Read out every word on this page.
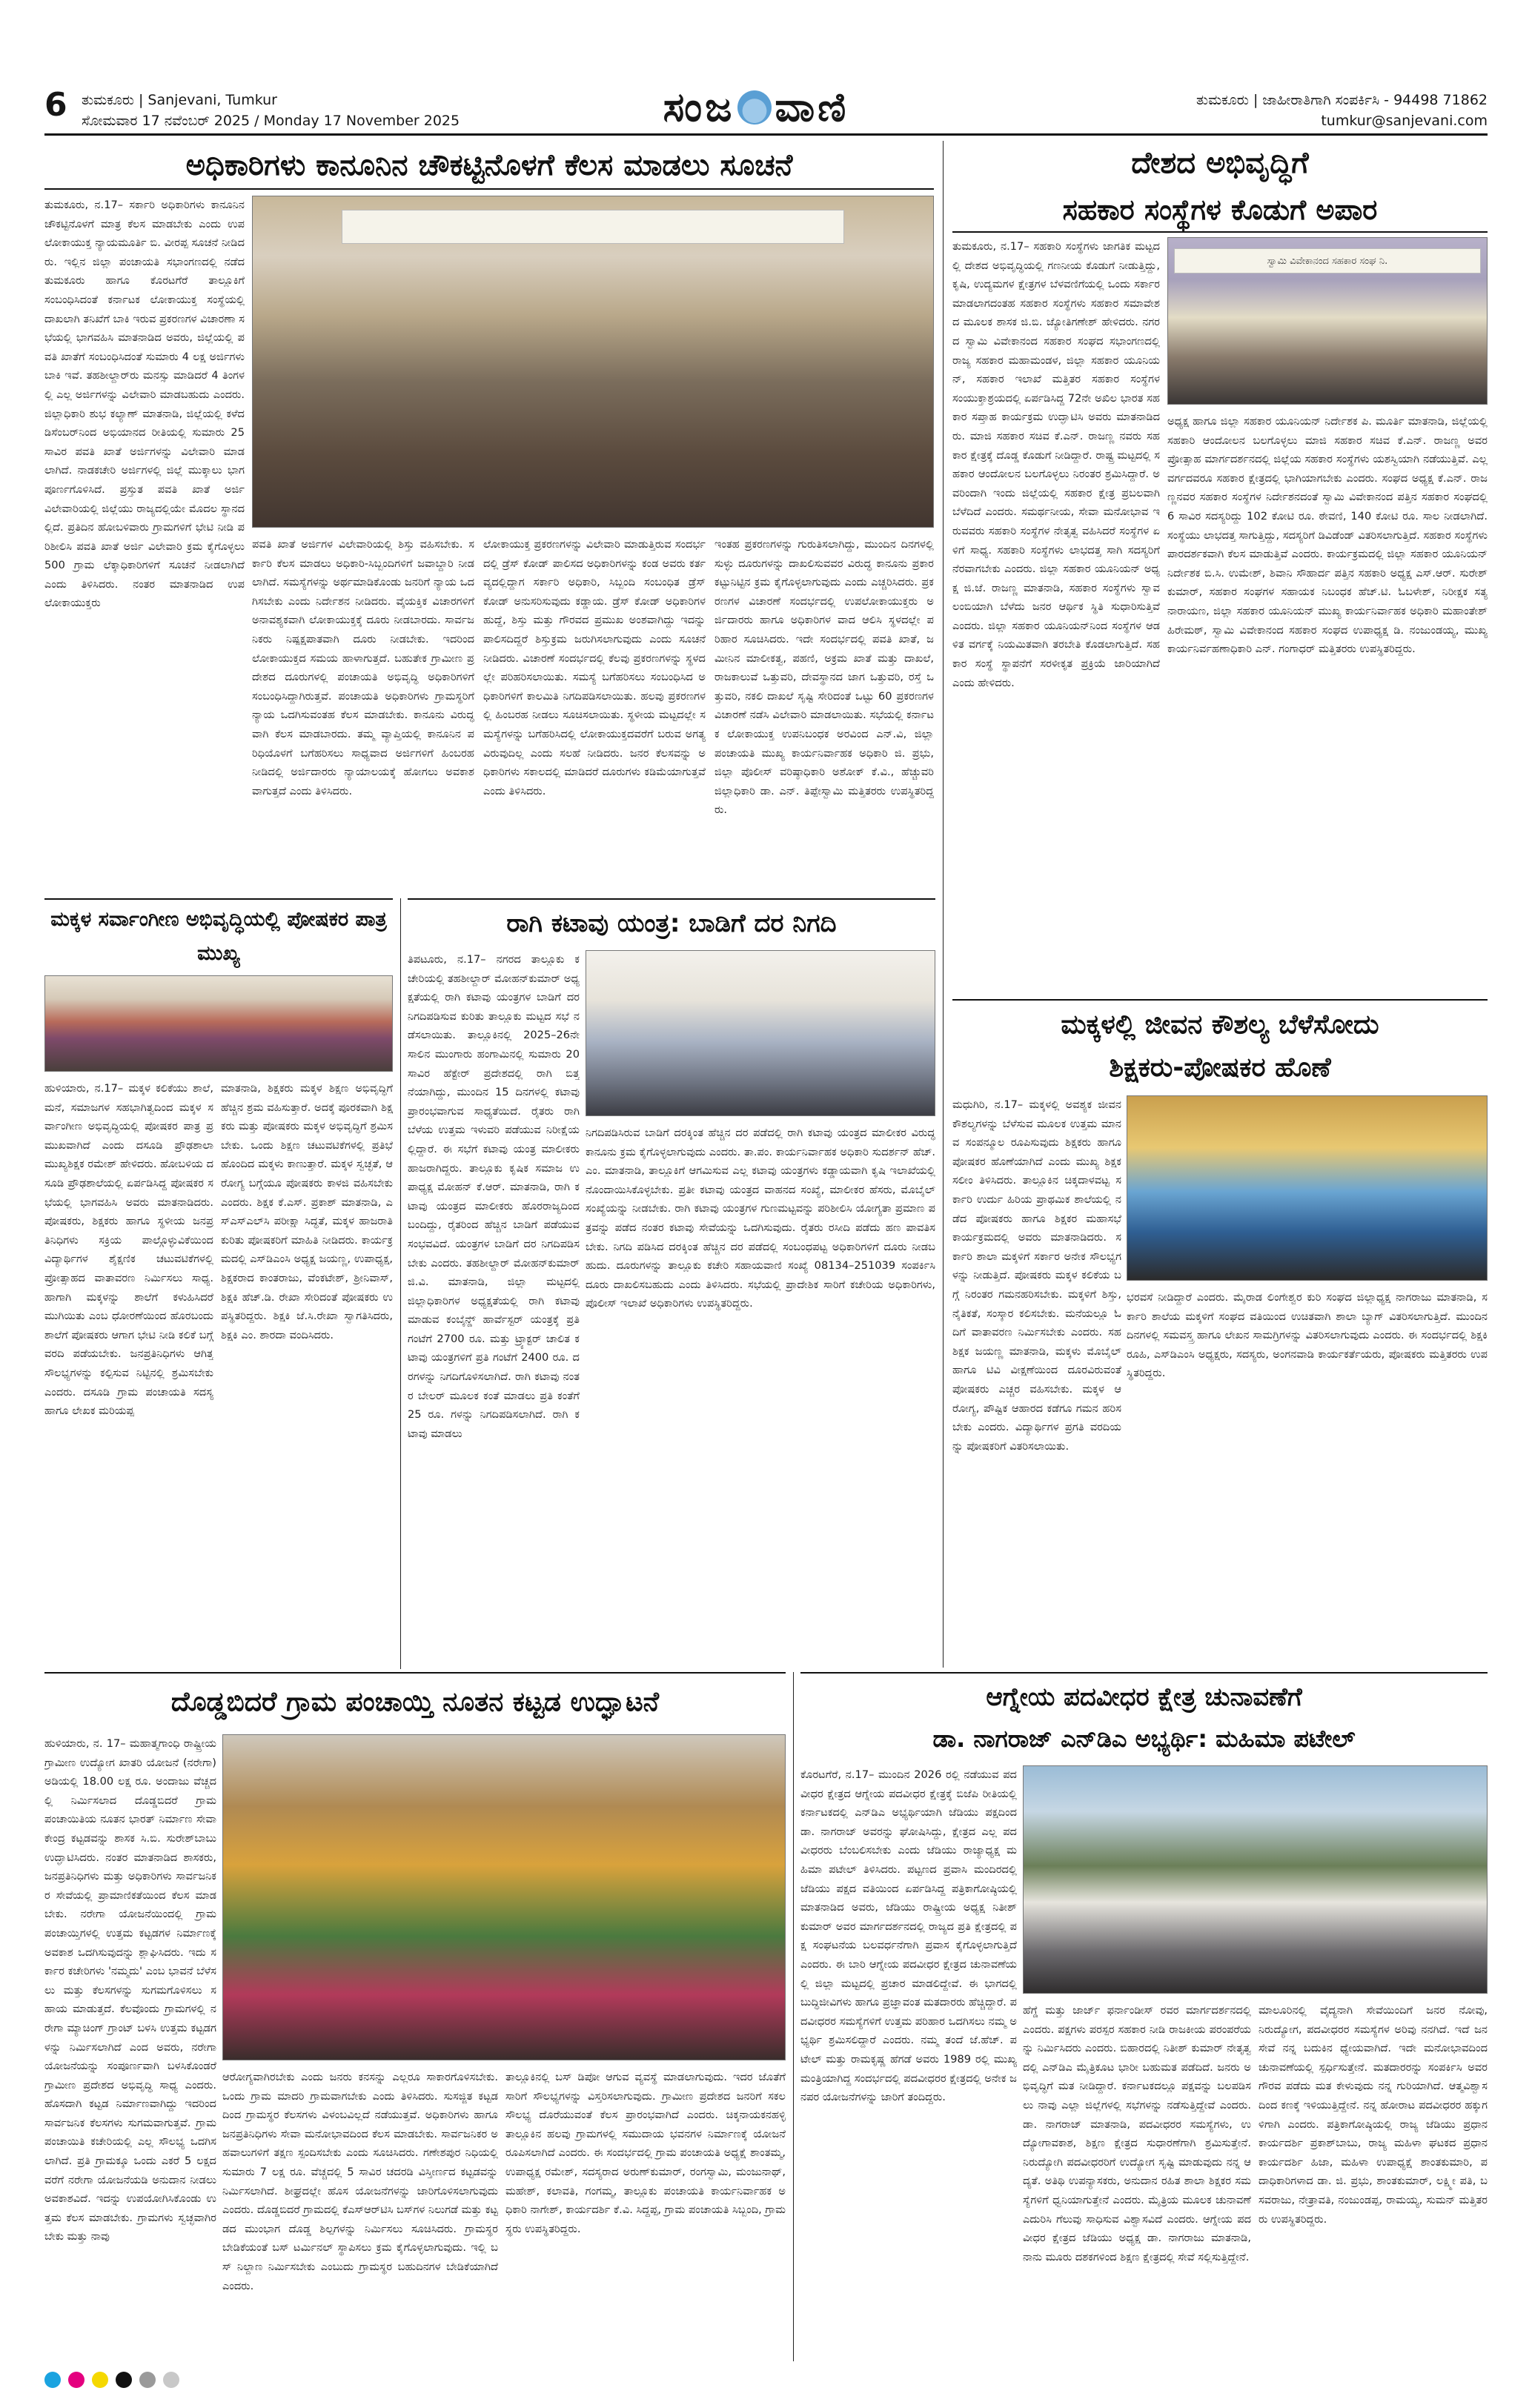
6 ತುಮಕೂರು | Sanjevani, Tumkur
ಸೋಮವಾರ 17 ನವೆಂಬರ್ 2025 / Monday 17 November 2025	ಸಂಜ ವಾಣಿ	ತುಮಕೂರು | ಜಾಹೀರಾತಿಗಾಗಿ ಸಂಪರ್ಕಿಸಿ - 94498 71862
tumkur@sanjevani.com
ಅಧಿಕಾರಿಗಳು ಕಾನೂನಿನ ಚೌಕಟ್ಟಿನೊಳಗೆ ಕೆಲಸ ಮಾಡಲು ಸೂಚನೆ
ತುಮಕೂರು, ನ.17– ಸರ್ಕಾರಿ ಅಧಿಕಾರಿಗಳು ಕಾನೂನಿನ ಚೌಕಟ್ಟಿನೊಳಗೆ ಮಾತ್ರ ಕೆಲಸ ಮಾಡಬೇಕು ಎಂದು ಉಪಲೋಕಾಯುಕ್ತ ನ್ಯಾಯಮೂರ್ತಿ ಬಿ. ವೀರಪ್ಪ ಸೂಚನೆ ನೀಡಿದರು. ಇಲ್ಲಿನ ಜಿಲ್ಲಾ ಪಂಚಾಯತಿ ಸಭಾಂಗಣದಲ್ಲಿ ನಡೆದ ತುಮಕೂರು ಹಾಗೂ ಕೊರಟಗೆರೆ ತಾಲ್ಲೂಕಿಗೆ ಸಂಬಂಧಿಸಿದಂತೆ ಕರ್ನಾಟಕ ಲೋಕಾಯುಕ್ತ ಸಂಸ್ಥೆಯಲ್ಲಿ ದಾಖಲಾಗಿ ತನಿಖೆಗೆ ಬಾಕಿ ಇರುವ ಪ್ರಕರಣಗಳ ವಿಚಾರಣಾ ಸಭೆಯಲ್ಲಿ ಭಾಗವಹಿಸಿ ಮಾತನಾಡಿದ ಅವರು, ಜಿಲ್ಲೆಯಲ್ಲಿ ಪವತಿ ಖಾತೆಗೆ ಸಂಬಂಧಿಸಿದಂತೆ ಸುಮಾರು 4 ಲಕ್ಷ ಅರ್ಜಿಗಳು ಬಾಕಿ ಇವೆ. ತಹಶೀಲ್ದಾರ್‌ರು ಮನಸ್ಸು ಮಾಡಿದರೆ 4 ತಿಂಗಳಲ್ಲಿ ಎಲ್ಲ ಅರ್ಜಿಗಳನ್ನು ವಿಲೇವಾರಿ ಮಾಡಬಹುದು ಎಂದರು. ಜಿಲ್ಲಾಧಿಕಾರಿ ಶುಭ ಕಲ್ಯಾಣ್ ಮಾತನಾಡಿ, ಜಿಲ್ಲೆಯಲ್ಲಿ ಕಳೆದ ಡಿಸೆಂಬರ್‌ನಿಂದ ಅಭಿಯಾನದ ರೀತಿಯಲ್ಲಿ ಸುಮಾರು 25 ಸಾವಿರ ಪವತಿ ಖಾತೆ ಅರ್ಜಿಗಳನ್ನು ವಿಲೇವಾರಿ ಮಾಡಲಾಗಿದೆ. ನಾಡಕಚೇರಿ ಅರ್ಜಿಗಳಲ್ಲಿ ಜಿಲ್ಲೆ ಮುಕ್ಕಾಲು ಭಾಗ ಪೂರ್ಣಗೊಳಿಸಿದೆ. ಪ್ರಸ್ತುತ ಪವತಿ ಖಾತೆ ಅರ್ಜಿ ವಿಲೇವಾರಿಯಲ್ಲಿ ಜಿಲ್ಲೆಯು ರಾಜ್ಯದಲ್ಲಿಯೇ ಮೊದಲ ಸ್ಥಾನದಲ್ಲಿದೆ. ಪ್ರತಿದಿನ ಹೋಬಳಿವಾರು ಗ್ರಾಮಗಳಿಗೆ ಭೇಟಿ ನೀಡಿ ಪರಿಶೀಲಿಸಿ ಪವತಿ ಖಾತೆ ಅರ್ಜಿ ವಿಲೇವಾರಿ ಕ್ರಮ ಕೈಗೊಳ್ಳಲು 500 ಗ್ರಾಮ ಲೆಕ್ಕಾಧಿಕಾರಿಗಳಿಗೆ ಸೂಚನೆ ನೀಡಲಾಗಿದೆ ಎಂದು ತಿಳಿಸಿದರು. ನಂತರ ಮಾತನಾಡಿದ ಉಪಲೋಕಾಯುಕ್ತರು
ಪವತಿ ಖಾತೆ ಅರ್ಜಿಗಳ ವಿಲೇವಾರಿಯಲ್ಲಿ ಶಿಸ್ತು ವಹಿಸಬೇಕು. ಸರ್ಕಾರಿ ಕೆಲಸ ಮಾಡಲು ಅಧಿಕಾರಿ-ಸಿಬ್ಬಂದಿಗಳಿಗೆ ಜವಾಬ್ದಾರಿ ನೀಡಲಾಗಿದೆ. ಸಮಸ್ಯೆಗಳನ್ನು ಅರ್ಥಮಾಡಿಕೊಂಡು ಜನರಿಗೆ ನ್ಯಾಯ ಒದಗಿಸಬೇಕು ಎಂದು ನಿರ್ದೇಶನ ನೀಡಿದರು. ವೈಯಕ್ತಿಕ ವಿಚಾರಗಳಿಗೆ ಅನಾವಶ್ಯಕವಾಗಿ ಲೋಕಾಯುಕ್ತಕ್ಕೆ ದೂರು ನೀಡಬಾರದು. ಸಾರ್ವಜನಿಕರು ನಿಷ್ಪಕ್ಷಪಾತವಾಗಿ ದೂರು ನೀಡಬೇಕು. ಇದರಿಂದ ಲೋಕಾಯುಕ್ತದ ಸಮಯ ಹಾಳಾಗುತ್ತದೆ. ಬಹುತೇಕ ಗ್ರಾಮೀಣ ಪ್ರದೇಶದ ದೂರುಗಳಲ್ಲಿ ಪಂಚಾಯತಿ ಅಭಿವೃದ್ಧಿ ಅಧಿಕಾರಿಗಳಿಗೆ ಸಂಬಂಧಿಸಿದ್ದಾಗಿರುತ್ತವೆ. ಪಂಚಾಯತಿ ಅಧಿಕಾರಿಗಳು ಗ್ರಾಮಸ್ಥರಿಗೆ ನ್ಯಾಯ ಒದಗಿಸುವಂತಹ ಕೆಲಸ ಮಾಡಬೇಕು. ಕಾನೂನು ವಿರುದ್ಧವಾಗಿ ಕೆಲಸ ಮಾಡಬಾರದು. ತಮ್ಮ ವ್ಯಾಪ್ತಿಯಲ್ಲಿ ಕಾನೂನಿನ ಪರಿಧಿಯೊಳಗೆ ಬಗೆಹರಿಸಲು ಸಾಧ್ಯವಾದ ಅರ್ಜಿಗಳಿಗೆ ಹಿಂಬರಹ ನೀಡಿದಲ್ಲಿ ಅರ್ಜಿದಾರರು ನ್ಯಾಯಾಲಯಕ್ಕೆ ಹೋಗಲು ಅವಕಾಶವಾಗುತ್ತದೆ ಎಂದು ತಿಳಿಸಿದರು.
ಲೋಕಾಯುಕ್ತ ಪ್ರಕರಣಗಳನ್ನು ವಿಲೇವಾರಿ ಮಾಡುತ್ತಿರುವ ಸಂದರ್ಭದಲ್ಲಿ ಡ್ರೆಸ್ ಕೋಡ್ ಪಾಲಿಸದ ಅಧಿಕಾರಿಗಳನ್ನು ಕಂಡ ಅವರು ಕರ್ತವ್ಯದಲ್ಲಿದ್ದಾಗ ಸರ್ಕಾರಿ ಅಧಿಕಾರಿ, ಸಿಬ್ಬಂದಿ ಸಂಬಂಧಿತ ಡ್ರೆಸ್ ಕೋಡ್ ಅನುಸರಿಸುವುದು ಕಡ್ಡಾಯ. ಡ್ರೆಸ್ ಕೋಡ್ ಅಧಿಕಾರಿಗಳ ಹುದ್ದೆ, ಶಿಸ್ತು ಮತ್ತು ಗೌರವದ ಪ್ರಮುಖ ಅಂಶವಾಗಿದ್ದು ಇದನ್ನು ಪಾಲಿಸದಿದ್ದರೆ ಶಿಸ್ತುಕ್ರಮ ಜರುಗಿಸಲಾಗುವುದು ಎಂದು ಸೂಚನೆ ನೀಡಿದರು. ವಿಚಾರಣೆ ಸಂದರ್ಭದಲ್ಲಿ ಕೆಲವು ಪ್ರಕರಣಗಳನ್ನು ಸ್ಥಳದಲ್ಲೇ ಪರಿಹರಿಸಲಾಯಿತು. ಸಮಸ್ಯೆ ಬಗೆಹರಿಸಲು ಸಂಬಂಧಿಸಿದ ಅಧಿಕಾರಿಗಳಿಗೆ ಕಾಲಮಿತಿ ನಿಗದಿಪಡಿಸಲಾಯಿತು. ಹಲವು ಪ್ರಕರಣಗಳಲ್ಲಿ ಹಿಂಬರಹ ನೀಡಲು ಸೂಚಿಸಲಾಯಿತು. ಸ್ಥಳೀಯ ಮಟ್ಟದಲ್ಲೇ ಸಮಸ್ಯೆಗಳನ್ನು ಬಗೆಹರಿಸಿದಲ್ಲಿ ಲೋಕಾಯುಕ್ತದವರೆಗೆ ಬರುವ ಅಗತ್ಯವಿರುವುದಿಲ್ಲ ಎಂದು ಸಲಹೆ ನೀಡಿದರು. ಜನರ ಕೆಲಸವನ್ನು ಅಧಿಕಾರಿಗಳು ಸಕಾಲದಲ್ಲಿ ಮಾಡಿದರೆ ದೂರುಗಳು ಕಡಿಮೆಯಾಗುತ್ತವೆ ಎಂದು ತಿಳಿಸಿದರು.
ಇಂತಹ ಪ್ರಕರಣಗಳನ್ನು ಗುರುತಿಸಲಾಗಿದ್ದು, ಮುಂದಿನ ದಿನಗಳಲ್ಲಿ ಸುಳ್ಳು ದೂರುಗಳನ್ನು ದಾಖಲಿಸುವವರ ವಿರುದ್ಧ ಕಾನೂನು ಪ್ರಕಾರ ಕಟ್ಟುನಿಟ್ಟಿನ ಕ್ರಮ ಕೈಗೊಳ್ಳಲಾಗುವುದು ಎಂದು ಎಚ್ಚರಿಸಿದರು. ಪ್ರಕರಣಗಳ ವಿಚಾರಣೆ ಸಂದರ್ಭದಲ್ಲಿ ಉಪಲೋಕಾಯುಕ್ತರು ಅರ್ಜಿದಾರರು ಹಾಗೂ ಅಧಿಕಾರಿಗಳ ವಾದ ಆಲಿಸಿ ಸ್ಥಳದಲ್ಲೇ ಪರಿಹಾರ ಸೂಚಿಸಿದರು. ಇದೇ ಸಂದರ್ಭದಲ್ಲಿ ಪವತಿ ಖಾತೆ, ಜಮೀನಿನ ಮಾಲೀಕತ್ವ, ಪಹಣಿ, ಅಕ್ರಮ ಖಾತೆ ಮತ್ತು ದಾಖಲೆ, ರಾಜಕಾಲುವೆ ಒತ್ತುವರಿ, ದೇವಸ್ಥಾನದ ಜಾಗ ಒತ್ತುವರಿ, ರಸ್ತೆ ಒತ್ತುವರಿ, ನಕಲಿ ದಾಖಲೆ ಸೃಷ್ಟಿ ಸೇರಿದಂತೆ ಒಟ್ಟು 60 ಪ್ರಕರಣಗಳ ವಿಚಾರಣೆ ನಡೆಸಿ ವಿಲೇವಾರಿ ಮಾಡಲಾಯಿತು. ಸಭೆಯಲ್ಲಿ ಕರ್ನಾಟಕ ಲೋಕಾಯುಕ್ತ ಉಪನಿಬಂಧಕ ಅರವಿಂದ ಎನ್.ವಿ, ಜಿಲ್ಲಾ ಪಂಚಾಯತಿ ಮುಖ್ಯ ಕಾರ್ಯನಿರ್ವಾಹಕ ಅಧಿಕಾರಿ ಜಿ. ಪ್ರಭು, ಜಿಲ್ಲಾ ಪೊಲೀಸ್ ವರಿಷ್ಠಾಧಿಕಾರಿ ಅಶೋಕ್ ಕೆ.ವಿ., ಹೆಚ್ಚುವರಿ ಜಿಲ್ಲಾಧಿಕಾರಿ ಡಾ. ಎನ್. ತಿಪ್ಪೇಸ್ವಾಮಿ ಮತ್ತಿತರರು ಉಪಸ್ಥಿತರಿದ್ದರು.
ದೇಶದ ಅಭಿವೃದ್ಧಿಗೆ
ಸಹಕಾರ ಸಂಸ್ಥೆಗಳ ಕೊಡುಗೆ ಅಪಾರ
ಸ್ವಾಮಿ ವಿವೇಕಾನಂದ ಸಹಕಾರ ಸಂಘ ನಿ.
ತುಮಕೂರು, ನ.17– ಸಹಕಾರಿ ಸಂಸ್ಥೆಗಳು ಜಾಗತಿಕ ಮಟ್ಟದಲ್ಲಿ ದೇಶದ ಅಭಿವೃದ್ಧಿಯಲ್ಲಿ ಗಣನೀಯ ಕೊಡುಗೆ ನೀಡುತ್ತಿದ್ದು, ಕೃಷಿ, ಉದ್ಯಮಗಳ ಕ್ಷೇತ್ರಗಳ ಬೆಳವಣಿಗೆಯಲ್ಲಿ ಒಂದು ಸರ್ಕಾರ ಮಾಡಲಾಗದಂತಹ ಸಹಕಾರ ಸಂಸ್ಥೆಗಳು ಸಹಕಾರ ಸಮಾವೇಶದ ಮೂಲಕ ಶಾಸಕ ಜಿ.ಬಿ. ಜ್ಯೋತಿಗಣೇಶ್ ಹೇಳಿದರು. ನಗರದ ಸ್ವಾಮಿ ವಿವೇಕಾನಂದ ಸಹಕಾರ ಸಂಘದ ಸಭಾಂಗಣದಲ್ಲಿ ರಾಜ್ಯ ಸಹಕಾರ ಮಹಾಮಂಡಳ, ಜಿಲ್ಲಾ ಸಹಕಾರ ಯೂನಿಯನ್, ಸಹಕಾರ ಇಲಾಖೆ ಮತ್ತಿತರ ಸಹಕಾರ ಸಂಸ್ಥೆಗಳ ಸಂಯುಕ್ತಾಶ್ರಯದಲ್ಲಿ ಏರ್ಪಡಿಸಿದ್ದ 72ನೇ ಅಖಿಲ ಭಾರತ ಸಹಕಾರ ಸಪ್ತಾಹ ಕಾರ್ಯಕ್ರಮ ಉದ್ಘಾಟಿಸಿ ಅವರು ಮಾತನಾಡಿದರು. ಮಾಜಿ ಸಹಕಾರ ಸಚಿವ ಕೆ.ಎನ್. ರಾಜಣ್ಣ ನವರು ಸಹಕಾರ ಕ್ಷೇತ್ರಕ್ಕೆ ದೊಡ್ಡ ಕೊಡುಗೆ ನೀಡಿದ್ದಾರೆ. ರಾಷ್ಟ್ರ ಮಟ್ಟದಲ್ಲಿ ಸಹಕಾರ ಆಂದೋಲನ ಬಲಗೊಳ್ಳಲು ನಿರಂತರ ಶ್ರಮಿಸಿದ್ದಾರೆ. ಅವರಿಂದಾಗಿ ಇಂದು ಜಿಲ್ಲೆಯಲ್ಲಿ ಸಹಕಾರ ಕ್ಷೇತ್ರ ಪ್ರಬಲವಾಗಿ ಬೆಳೆದಿದೆ ಎಂದರು. ಸಮರ್ಥನೀಯ, ಸೇವಾ ಮನೋಭಾವ ಇರುವವರು ಸಹಕಾರಿ ಸಂಸ್ಥೆಗಳ ನೇತೃತ್ವ ವಹಿಸಿದರೆ ಸಂಸ್ಥೆಗಳ ಏಳಿಗೆ ಸಾಧ್ಯ. ಸಹಕಾರಿ ಸಂಸ್ಥೆಗಳು ಲಾಭದತ್ತ ಸಾಗಿ ಸದಸ್ಯರಿಗೆ ನೆರವಾಗಬೇಕು ಎಂದರು. ಜಿಲ್ಲಾ ಸಹಕಾರ ಯೂನಿಯನ್ ಅಧ್ಯಕ್ಷ ಜಿ.ಜೆ. ರಾಜಣ್ಣ ಮಾತನಾಡಿ, ಸಹಕಾರ ಸಂಸ್ಥೆಗಳು ಸ್ವಾವಲಂಬಿಯಾಗಿ ಬೆಳೆದು ಜನರ ಆರ್ಥಿಕ ಸ್ಥಿತಿ ಸುಧಾರಿಸುತ್ತಿವೆ ಎಂದರು. ಜಿಲ್ಲಾ ಸಹಕಾರ ಯೂನಿಯನ್‌ನಿಂದ ಸಂಸ್ಥೆಗಳ ಆಡಳಿತ ವರ್ಗಕ್ಕೆ ನಿಯಮಿತವಾಗಿ ತರಬೇತಿ ಕೊಡಲಾಗುತ್ತಿದೆ. ಸಹಕಾರ ಸಂಸ್ಥೆ ಸ್ಥಾಪನೆಗೆ ಸರಳೀಕೃತ ಪ್ರಕ್ರಿಯೆ ಜಾರಿಯಾಗಿದೆ ಎಂದು ಹೇಳಿದರು.
ಅಧ್ಯಕ್ಷ ಹಾಗೂ ಜಿಲ್ಲಾ ಸಹಕಾರ ಯೂನಿಯನ್ ನಿರ್ದೇಶಕ ಪಿ. ಮೂರ್ತಿ ಮಾತನಾಡಿ, ಜಿಲ್ಲೆಯಲ್ಲಿ ಸಹಕಾರಿ ಆಂದೋಲನ ಬಲಗೊಳ್ಳಲು ಮಾಜಿ ಸಹಕಾರ ಸಚಿವ ಕೆ.ಎನ್. ರಾಜಣ್ಣ ಅವರ ಪ್ರೋತ್ಸಾಹ ಮಾರ್ಗದರ್ಶನದಲ್ಲಿ ಜಿಲ್ಲೆಯ ಸಹಕಾರ ಸಂಸ್ಥೆಗಳು ಯಶಸ್ವಿಯಾಗಿ ನಡೆಯುತ್ತಿವೆ. ಎಲ್ಲ ವರ್ಗದವರೂ ಸಹಕಾರ ಕ್ಷೇತ್ರದಲ್ಲಿ ಭಾಗಿಯಾಗಬೇಕು ಎಂದರು. ಸಂಘದ ಅಧ್ಯಕ್ಷ ಕೆ.ಎನ್. ರಾಜಣ್ಣನವರ ಸಹಕಾರ ಸಂಸ್ಥೆಗಳ ನಿರ್ದೇಶನದಂತೆ ಸ್ವಾಮಿ ವಿವೇಕಾನಂದ ಪತ್ತಿನ ಸಹಕಾರ ಸಂಘದಲ್ಲಿ 6 ಸಾವಿರ ಸದಸ್ಯರಿದ್ದು 102 ಕೋಟಿ ರೂ. ಠೇವಣಿ, 140 ಕೋಟಿ ರೂ. ಸಾಲ ನೀಡಲಾಗಿದೆ. ಸಂಸ್ಥೆಯು ಲಾಭದತ್ತ ಸಾಗುತ್ತಿದ್ದು, ಸದಸ್ಯರಿಗೆ ಡಿವಿಡೆಂಡ್ ವಿತರಿಸಲಾಗುತ್ತಿದೆ. ಸಹಕಾರ ಸಂಸ್ಥೆಗಳು ಪಾರದರ್ಶಕವಾಗಿ ಕೆಲಸ ಮಾಡುತ್ತಿವೆ ಎಂದರು. ಕಾರ್ಯಕ್ರಮದಲ್ಲಿ ಜಿಲ್ಲಾ ಸಹಕಾರ ಯೂನಿಯನ್ ನಿರ್ದೇಶಕ ಬಿ.ಸಿ. ಉಮೇಶ್, ಶಿವಾನಿ ಸೌಹಾರ್ದ ಪತ್ತಿನ ಸಹಕಾರಿ ಅಧ್ಯಕ್ಷ ಎಸ್.ಆರ್. ಸುರೇಶ್ ಕುಮಾರ್, ಸಹಕಾರ ಸಂಘಗಳ ಸಹಾಯಕ ನಿಬಂಧಕ ಹೆಚ್.ಟಿ. ಓಬಳೇಶ್, ನಿರೀಕ್ಷಕ ಸತ್ಯನಾರಾಯಣ, ಜಿಲ್ಲಾ ಸಹಕಾರ ಯೂನಿಯನ್ ಮುಖ್ಯ ಕಾರ್ಯನಿರ್ವಾಹಕ ಅಧಿಕಾರಿ ಮಹಾಂತೇಶ್ ಹಿರೇಮಠ್, ಸ್ವಾಮಿ ವಿವೇಕಾನಂದ ಸಹಕಾರ ಸಂಘದ ಉಪಾಧ್ಯಕ್ಷ ಡಿ. ನಂಜುಂಡಯ್ಯ, ಮುಖ್ಯ ಕಾರ್ಯನಿರ್ವಹಣಾಧಿಕಾರಿ ಎನ್. ಗಂಗಾಧರ್ ಮತ್ತಿತರರು ಉಪಸ್ಥಿತರಿದ್ದರು.
ಮಕ್ಕಳ ಸರ್ವಾಂಗೀಣ ಅಭಿವೃದ್ಧಿಯಲ್ಲಿ ಪೋಷಕರ ಪಾತ್ರ ಮುಖ್ಯ
ಹುಳಿಯಾರು, ನ.17– ಮಕ್ಕಳ ಕಲಿಕೆಯು ಶಾಲೆ, ಮನೆ, ಸಮಾಜಗಳ ಸಹಭಾಗಿತ್ವದಿಂದ ಮಕ್ಕಳ ಸರ್ವಾಂಗೀಣ ಅಭಿವೃದ್ಧಿಯಲ್ಲಿ ಪೋಷಕರ ಪಾತ್ರ ಪ್ರಮುಖವಾಗಿದೆ ಎಂದು ದಸೂಡಿ ಪ್ರೌಢಶಾಲಾ ಮುಖ್ಯಶಿಕ್ಷಕ ರಮೇಶ್ ಹೇಳಿದರು. ಹೋಬಳಿಯ ದಸೂಡಿ ಪ್ರೌಢಶಾಲೆಯಲ್ಲಿ ಏರ್ಪಡಿಸಿದ್ದ ಪೋಷಕರ ಸಭೆಯಲ್ಲಿ ಭಾಗವಹಿಸಿ ಅವರು ಮಾತನಾಡಿದರು. ಪೋಷಕರು, ಶಿಕ್ಷಕರು ಹಾಗೂ ಸ್ಥಳೀಯ ಜನಪ್ರತಿನಿಧಿಗಳು ಸಕ್ರಿಯ ಪಾಲ್ಗೊಳ್ಳುವಿಕೆಯಿಂದ ವಿದ್ಯಾರ್ಥಿಗಳ ಶೈಕ್ಷಣಿಕ ಚಟುವಟಿಕೆಗಳಲ್ಲಿ ಪ್ರೋತ್ಸಾಹದ ವಾತಾವರಣ ನಿರ್ಮಿಸಲು ಸಾಧ್ಯ. ಹಾಗಾಗಿ ಮಕ್ಕಳನ್ನು ಶಾಲೆಗೆ ಕಳುಹಿಸಿದರೆ ಮುಗಿಯಿತು ಎಂಬ ಧೋರಣೆಯಿಂದ ಹೊರಬಂದು ಶಾಲೆಗೆ ಪೋಷಕರು ಆಗಾಗ ಭೇಟಿ ನೀಡಿ ಕಲಿಕೆ ಬಗ್ಗೆ ವರದಿ ಪಡೆಯಬೇಕು. ಜನಪ್ರತಿನಿಧಿಗಳು ಆಗಿತ್ತ ಸೌಲಭ್ಯಗಳನ್ನು ಕಲ್ಪಿಸುವ ನಿಟ್ಟಿನಲ್ಲಿ ಶ್ರಮಿಸಬೇಕು ಎಂದರು. ದಸೂಡಿ ಗ್ರಾಮ ಪಂಚಾಯತಿ ಸದಸ್ಯ ಹಾಗೂ ಲೇಖಕ ಮರಿಯಪ್ಪ
ಮಾತನಾಡಿ, ಶಿಕ್ಷಕರು ಮಕ್ಕಳ ಶಿಕ್ಷಣ ಅಭಿವೃದ್ಧಿಗೆ ಹೆಚ್ಚಿನ ಶ್ರಮ ವಹಿಸುತ್ತಾರೆ. ಅದಕ್ಕೆ ಪೂರಕವಾಗಿ ಶಿಕ್ಷಕರು ಮತ್ತು ಪೋಷಕರು ಮಕ್ಕಳ ಅಭಿವೃದ್ಧಿಗೆ ಶ್ರಮಿಸಬೇಕು. ಒಂದು ಶಿಕ್ಷಣ ಚಟುವಟಿಕೆಗಳಲ್ಲಿ ಪ್ರತಿಭೆ ಹೊಂದಿದ ಮಕ್ಕಳು ಕಾಣುತ್ತಾರೆ. ಮಕ್ಕಳ ಸ್ವಚ್ಛತೆ, ಆರೋಗ್ಯ ಬಗ್ಗೆಯೂ ಪೋಷಕರು ಕಾಳಜಿ ವಹಿಸಬೇಕು ಎಂದರು. ಶಿಕ್ಷಕ ಕೆ.ಎಸ್. ಪ್ರಕಾಶ್ ಮಾತನಾಡಿ, ಎಸ್‌ಎಸ್‌ಎಲ್‌ಸಿ ಪರೀಕ್ಷಾ ಸಿದ್ಧತೆ, ಮಕ್ಕಳ ಹಾಜರಾತಿ ಕುರಿತು ಪೋಷಕರಿಗೆ ಮಾಹಿತಿ ನೀಡಿದರು. ಕಾರ್ಯಕ್ರಮದಲ್ಲಿ ಎಸ್‌ಡಿಎಂಸಿ ಅಧ್ಯಕ್ಷ ಜಯಣ್ಣ, ಉಪಾಧ್ಯಕ್ಷ, ಶಿಕ್ಷಕರಾದ ಕಾಂತರಾಜು, ವೆಂಕಟೇಶ್, ಶ್ರೀನಿವಾಸ್, ಶಿಕ್ಷಕಿ ಹೆಚ್.ಡಿ. ರೇಖಾ ಸೇರಿದಂತೆ ಪೋಷಕರು ಉಪಸ್ಥಿತರಿದ್ದರು. ಶಿಕ್ಷಕಿ ಜೆ.ಸಿ.ರೇಖಾ ಸ್ವಾಗತಿಸಿದರು, ಶಿಕ್ಷಕಿ ಎಂ. ಶಾರದಾ ವಂದಿಸಿದರು.
ರಾಗಿ ಕಟಾವು ಯಂತ್ರ: ಬಾಡಿಗೆ ದರ ನಿಗದಿ
ತಿಪಟೂರು, ನ.17– ನಗರದ ತಾಲ್ಲೂಕು ಕಚೇರಿಯಲ್ಲಿ ತಹಶೀಲ್ದಾರ್ ಮೋಹನ್‌ಕುಮಾರ್ ಅಧ್ಯಕ್ಷತೆಯಲ್ಲಿ ರಾಗಿ ಕಟಾವು ಯಂತ್ರಗಳ ಬಾಡಿಗೆ ದರ ನಿಗದಿಪಡಿಸುವ ಕುರಿತು ತಾಲ್ಲೂಕು ಮಟ್ಟದ ಸಭೆ ನಡೆಸಲಾಯಿತು. ತಾಲ್ಲೂಕಿನಲ್ಲಿ 2025–26ನೇ ಸಾಲಿನ ಮುಂಗಾರು ಹಂಗಾಮಿನಲ್ಲಿ ಸುಮಾರು 20 ಸಾವಿರ ಹೆಕ್ಟೇರ್ ಪ್ರದೇಶದಲ್ಲಿ ರಾಗಿ ಬಿತ್ತನೆಯಾಗಿದ್ದು, ಮುಂದಿನ 15 ದಿನಗಳಲ್ಲಿ ಕಟಾವು ಪ್ರಾರಂಭವಾಗುವ ಸಾಧ್ಯತೆಯಿದೆ. ರೈತರು ರಾಗಿ ಬೆಳೆಯ ಉತ್ತಮ ಇಳುವರಿ ಪಡೆಯುವ ನಿರೀಕ್ಷೆಯಲ್ಲಿದ್ದಾರೆ. ಈ ಸಭೆಗೆ ಕಟಾವು ಯಂತ್ರ ಮಾಲೀಕರು ಹಾಜರಾಗಿದ್ದರು. ತಾಲ್ಲೂಕು ಕೃಷಿಕ ಸಮಾಜ ಉಪಾಧ್ಯಕ್ಷ ಮೋಹನ್ ಕೆ.ಆರ್. ಮಾತನಾಡಿ, ರಾಗಿ ಕಟಾವು ಯಂತ್ರದ ಮಾಲೀಕರು ಹೊರರಾಜ್ಯದಿಂದ ಬಂದಿದ್ದು, ರೈತರಿಂದ ಹೆಚ್ಚಿನ ಬಾಡಿಗೆ ಪಡೆಯುವ ಸಂಭವವಿದೆ. ಯಂತ್ರಗಳ ಬಾಡಿಗೆ ದರ ನಿಗದಿಪಡಿಸಬೇಕು ಎಂದರು. ತಹಶೀಲ್ದಾರ್ ಮೋಹನ್‌ಕುಮಾರ್ ಜಿ.ವಿ. ಮಾತನಾಡಿ, ಜಿಲ್ಲಾ ಮಟ್ಟದಲ್ಲಿ ಜಿಲ್ಲಾಧಿಕಾರಿಗಳ ಅಧ್ಯಕ್ಷತೆಯಲ್ಲಿ ರಾಗಿ ಕಟಾವು ಮಾಡುವ ಕಂಬೈನ್ಡ್ ಹಾರ್ವೆಸ್ಟರ್ ಯಂತ್ರಕ್ಕೆ ಪ್ರತಿ ಗಂಟೆಗೆ 2700 ರೂ. ಮತ್ತು ಟ್ರ್ಯಾಕ್ಟರ್ ಚಾಲಿತ ಕಟಾವು ಯಂತ್ರಗಳಿಗೆ ಪ್ರತಿ ಗಂಟೆಗೆ 2400 ರೂ. ದರಗಳನ್ನು ನಿಗದಿಗೊಳಿಸಲಾಗಿದೆ. ರಾಗಿ ಕಟಾವು ನಂತರ ಬೇಲರ್ ಮೂಲಕ ಕಂತೆ ಮಾಡಲು ಪ್ರತಿ ಕಂತೆಗೆ 25 ರೂ. ಗಳನ್ನು ನಿಗದಿಪಡಿಸಲಾಗಿದೆ. ರಾಗಿ ಕಟಾವು ಮಾಡಲು
ನಿಗದಿಪಡಿಸಿರುವ ಬಾಡಿಗೆ ದರಕ್ಕಿಂತ ಹೆಚ್ಚಿನ ದರ ಪಡೆದಲ್ಲಿ ರಾಗಿ ಕಟಾವು ಯಂತ್ರದ ಮಾಲೀಕರ ವಿರುದ್ಧ ಕಾನೂನು ಕ್ರಮ ಕೈಗೊಳ್ಳಲಾಗುವುದು ಎಂದರು. ತಾ.ಪಂ. ಕಾರ್ಯನಿರ್ವಾಹಕ ಅಧಿಕಾರಿ ಸುದರ್ಶನ್ ಹೆಚ್.ಎಂ. ಮಾತನಾಡಿ, ತಾಲ್ಲೂಕಿಗೆ ಆಗಮಿಸುವ ಎಲ್ಲ ಕಟಾವು ಯಂತ್ರಗಳು ಕಡ್ಡಾಯವಾಗಿ ಕೃಷಿ ಇಲಾಖೆಯಲ್ಲಿ ನೊಂದಾಯಿಸಿಕೊಳ್ಳಬೇಕು. ಪ್ರತೀ ಕಟಾವು ಯಂತ್ರದ ವಾಹನದ ಸಂಖ್ಯೆ, ಮಾಲೀಕರ ಹೆಸರು, ಮೊಬೈಲ್ ಸಂಖ್ಯೆಯನ್ನು ನೀಡಬೇಕು. ರಾಗಿ ಕಟಾವು ಯಂತ್ರಗಳ ಗುಣಮಟ್ಟವನ್ನು ಪರಿಶೀಲಿಸಿ ಯೋಗ್ಯತಾ ಪ್ರಮಾಣ ಪತ್ರವನ್ನು ಪಡೆದ ನಂತರ ಕಟಾವು ಸೇವೆಯನ್ನು ಒದಗಿಸುವುದು. ರೈತರು ರಸೀದಿ ಪಡೆದು ಹಣ ಪಾವತಿಸಬೇಕು. ನಿಗದಿ ಪಡಿಸಿದ ದರಕ್ಕಿಂತ ಹೆಚ್ಚಿನ ದರ ಪಡೆದಲ್ಲಿ ಸಂಬಂಧಪಟ್ಟ ಅಧಿಕಾರಿಗಳಿಗೆ ದೂರು ನೀಡಬಹುದು. ದೂರುಗಳನ್ನು ತಾಲ್ಲೂಕು ಕಚೇರಿ ಸಹಾಯವಾಣಿ ಸಂಖ್ಯೆ 08134–251039 ಸಂಪರ್ಕಿಸಿ ದೂರು ದಾಖಲಿಸಬಹುದು ಎಂದು ತಿಳಿಸಿದರು. ಸಭೆಯಲ್ಲಿ ಪ್ರಾದೇಶಿಕ ಸಾರಿಗೆ ಕಚೇರಿಯ ಅಧಿಕಾರಿಗಳು, ಪೊಲೀಸ್ ಇಲಾಖೆ ಅಧಿಕಾರಿಗಳು ಉಪಸ್ಥಿತರಿದ್ದರು.
ಮಕ್ಕಳಲ್ಲಿ ಜೀವನ ಕೌಶಲ್ಯ ಬೆಳೆಸೋದು
ಶಿಕ್ಷಕರು-ಪೋಷಕರ ಹೊಣೆ
ಮಧುಗಿರಿ, ನ.17– ಮಕ್ಕಳಲ್ಲಿ ಅವಶ್ಯಕ ಜೀವನ ಕೌಶಲ್ಯಗಳನ್ನು ಬೆಳೆಸುವ ಮೂಲಕ ಉತ್ತಮ ಮಾನವ ಸಂಪನ್ಮೂಲ ರೂಪಿಸುವುದು ಶಿಕ್ಷಕರು ಹಾಗೂ ಪೋಷಕರ ಹೊಣೆಯಾಗಿದೆ ಎಂದು ಮುಖ್ಯ ಶಿಕ್ಷಕ ಸಲೀಂ ತಿಳಿಸಿದರು. ತಾಲ್ಲೂಕಿನ ಚಿಕ್ಕದಾಳವಟ್ಟ ಸರ್ಕಾರಿ ಉರ್ದು ಹಿರಿಯ ಪ್ರಾಥಮಿಕ ಶಾಲೆಯಲ್ಲಿ ನಡೆದ ಪೋಷಕರು ಹಾಗೂ ಶಿಕ್ಷಕರ ಮಹಾಸಭೆ ಕಾರ್ಯಕ್ರಮದಲ್ಲಿ ಅವರು ಮಾತನಾಡಿದರು. ಸರ್ಕಾರಿ ಶಾಲಾ ಮಕ್ಕಳಿಗೆ ಸರ್ಕಾರ ಅನೇಕ ಸೌಲಭ್ಯಗಳನ್ನು ನೀಡುತ್ತಿದೆ. ಪೋಷಕರು ಮಕ್ಕಳ ಕಲಿಕೆಯ ಬಗ್ಗೆ ನಿರಂತರ ಗಮನಹರಿಸಬೇಕು. ಮಕ್ಕಳಿಗೆ ಶಿಸ್ತು, ನೈತಿಕತೆ, ಸಂಸ್ಕಾರ ಕಲಿಸಬೇಕು. ಮನೆಯಲ್ಲೂ ಓದಿಗೆ ವಾತಾವರಣ ನಿರ್ಮಿಸಬೇಕು ಎಂದರು. ಸಹಶಿಕ್ಷಕ ಜಯಣ್ಣ ಮಾತನಾಡಿ, ಮಕ್ಕಳು ಮೊಬೈಲ್ ಹಾಗೂ ಟಿವಿ ವೀಕ್ಷಣೆಯಿಂದ ದೂರವಿರುವಂತೆ ಪೋಷಕರು ಎಚ್ಚರ ವಹಿಸಬೇಕು. ಮಕ್ಕಳ ಆರೋಗ್ಯ, ಪೌಷ್ಟಿಕ ಆಹಾರದ ಕಡೆಗೂ ಗಮನ ಹರಿಸಬೇಕು ಎಂದರು. ವಿದ್ಯಾರ್ಥಿಗಳ ಪ್ರಗತಿ ವರದಿಯನ್ನು ಪೋಷಕರಿಗೆ ವಿತರಿಸಲಾಯಿತು.
ಭರವಸೆ ನೀಡಿದ್ದಾರೆ ಎಂದರು. ಮೈರಾಡ ಲಿಂಗೇಶ್ವರ ಕುರಿ ಸಂಘದ ಜಿಲ್ಲಾಧ್ಯಕ್ಷ ನಾಗರಾಜು ಮಾತನಾಡಿ, ಸರ್ಕಾರಿ ಶಾಲೆಯ ಮಕ್ಕಳಿಗೆ ಸಂಘದ ವತಿಯಿಂದ ಉಚಿತವಾಗಿ ಶಾಲಾ ಬ್ಯಾಗ್ ವಿತರಿಸಲಾಗುತ್ತಿದೆ. ಮುಂದಿನ ದಿನಗಳಲ್ಲಿ ಸಮವಸ್ತ್ರ ಹಾಗೂ ಲೇಖನ ಸಾಮಗ್ರಿಗಳನ್ನು ವಿತರಿಸಲಾಗುವುದು ಎಂದರು. ಈ ಸಂದರ್ಭದಲ್ಲಿ ಶಿಕ್ಷಕಿ ರೂಹಿ, ಎಸ್‌ಡಿಎಂಸಿ ಅಧ್ಯಕ್ಷರು, ಸದಸ್ಯರು, ಅಂಗನವಾಡಿ ಕಾರ್ಯಕರ್ತೆಯರು, ಪೋಷಕರು ಮತ್ತಿತರರು ಉಪಸ್ಥಿತರಿದ್ದರು.
ದೊಡ್ಡಬಿದರೆ ಗ್ರಾಮ ಪಂಚಾಯ್ತಿ ನೂತನ ಕಟ್ಟಡ ಉದ್ಘಾಟನೆ
ಹುಳಿಯಾರು, ನ. 17– ಮಹಾತ್ಮಗಾಂಧಿ ರಾಷ್ಟ್ರೀಯ ಗ್ರಾಮೀಣ ಉದ್ಯೋಗ ಖಾತರಿ ಯೋಜನೆ (ನರೇಗಾ) ಅಡಿಯಲ್ಲಿ 18.00 ಲಕ್ಷ ರೂ. ಅಂದಾಜು ವೆಚ್ಚದಲ್ಲಿ ನಿರ್ಮಿಸಲಾದ ದೊಡ್ಡಬಿದರೆ ಗ್ರಾಮ ಪಂಚಾಯಿತಿಯ ನೂತನ ಭಾರತ್ ನಿರ್ಮಾಣ ಸೇವಾ ಕೇಂದ್ರ ಕಟ್ಟಡವನ್ನು ಶಾಸಕ ಸಿ.ಬಿ. ಸುರೇಶ್‌ಬಾಬು ಉದ್ಘಾಟಿಸಿದರು. ನಂತರ ಮಾತನಾಡಿದ ಶಾಸಕರು, ಜನಪ್ರತಿನಿಧಿಗಳು ಮತ್ತು ಅಧಿಕಾರಿಗಳು ಸಾರ್ವಜನಿಕರ ಸೇವೆಯಲ್ಲಿ ಪ್ರಾಮಾಣಿಕತೆಯಿಂದ ಕೆಲಸ ಮಾಡಬೇಕು. ನರೇಗಾ ಯೋಜನೆಯಿಂದಲ್ಲಿ ಗ್ರಾಮ ಪಂಚಾಯ್ತಿಗಳಲ್ಲಿ ಉತ್ತಮ ಕಟ್ಟಡಗಳ ನಿರ್ಮಾಣಕ್ಕೆ ಅವಕಾಶ ಒದಗಿಸುವುದನ್ನು ಶ್ಲಾಘಿಸಿದರು. ಇದು ಸರ್ಕಾರ ಕಚೇರಿಗಳು 'ನಮ್ಮದು' ಎಂಬ ಭಾವನೆ ಬೆಳೆಸಲು ಮತ್ತು ಕೆಲಸಗಳನ್ನು ಸುಗಮಗೊಳಿಸಲು ಸಹಾಯ ಮಾಡುತ್ತದೆ. ಕೆಲವೊಂದು ಗ್ರಾಮಗಳಲ್ಲಿ ನರೇಗಾ ಮ್ಯಾಚಿಂಗ್ ಗ್ರಾಂಟ್ ಬಳಸಿ ಉತ್ತಮ ಕಟ್ಟಡಗಳನ್ನು ನಿರ್ಮಿಸಲಾಗಿದೆ ಎಂದ ಅವರು, ನರೇಗಾ ಯೋಜನೆಯನ್ನು ಸಂಪೂರ್ಣವಾಗಿ ಬಳಸಿಕೊಂಡರೆ ಗ್ರಾಮೀಣ ಪ್ರದೇಶದ ಅಭಿವೃದ್ಧಿ ಸಾಧ್ಯ ಎಂದರು. ಹೊಸದಾಗಿ ಕಟ್ಟಡ ನಿರ್ಮಾಣವಾಗಿದ್ದು ಇದರಿಂದ ಸಾರ್ವಜನಿಕ ಕೆಲಸಗಳು ಸುಗಮವಾಗುತ್ತವೆ. ಗ್ರಾಮ ಪಂಚಾಯಿತಿ ಕಚೇರಿಯಲ್ಲಿ ಎಲ್ಲ ಸೌಲಭ್ಯ ಒದಗಿಸಲಾಗಿದೆ. ಪ್ರತಿ ಗ್ರಾಮಕ್ಕೂ ಒಂದು ಎಕರೆ 5 ಲಕ್ಷದ ವರೆಗೆ ನರೇಗಾ ಯೋಜನೆಯಡಿ ಅನುದಾನ ನೀಡಲು ಅವಕಾಶವಿದೆ. ಇದನ್ನು ಉಪಯೋಗಿಸಿಕೊಂಡು ಉತ್ತಮ ಕೆಲಸ ಮಾಡಬೇಕು. ಗ್ರಾಮಗಳು ಸ್ವಚ್ಛವಾಗಿರಬೇಕು ಮತ್ತು ನಾವು
ಆರೋಗ್ಯವಾಗಿರಬೇಕು ಎಂದು ಜನರು ಕನಸನ್ನು ಎಲ್ಲರೂ ಸಾಕಾರಗೊಳಿಸಬೇಕು. ಒಂದು ಗ್ರಾಮ ಮಾದರಿ ಗ್ರಾಮವಾಗಬೇಕು ಎಂದು ತಿಳಿಸಿದರು. ಸುಸಜ್ಜಿತ ಕಟ್ಟಡದಿಂದ ಗ್ರಾಮಸ್ಥರ ಕೆಲಸಗಳು ವಿಳಂಬವಿಲ್ಲದೆ ನಡೆಯುತ್ತವೆ. ಅಧಿಕಾರಿಗಳು ಹಾಗೂ ಜನಪ್ರತಿನಿಧಿಗಳು ಸೇವಾ ಮನೋಭಾವದಿಂದ ಕೆಲಸ ಮಾಡಬೇಕು. ಸಾರ್ವಜನಿಕರ ಅಹವಾಲುಗಳಿಗೆ ತಕ್ಷಣ ಸ್ಪಂದಿಸಬೇಕು ಎಂದು ಸೂಚಿಸಿದರು. ಗಣೇಶಪುರ ನಿಧಿಯಲ್ಲಿ ಸುಮಾರು 7 ಲಕ್ಷ ರೂ. ವೆಚ್ಚದಲ್ಲಿ 5 ಸಾವಿರ ಚದರಡಿ ವಿಸ್ತೀರ್ಣದ ಕಟ್ಟಡವನ್ನು ನಿರ್ಮಿಸಲಾಗಿದೆ. ಶೀಘ್ರದಲ್ಲೇ ಹೊಸ ಯೋಜನೆಗಳನ್ನು ಜಾರಿಗೊಳಿಸಲಾಗುವುದು ಎಂದರು. ದೊಡ್ಡಬಿದರೆ ಗ್ರಾಮದಲ್ಲಿ ಕೆಎಸ್‌ಆರ್‌ಟಿಸಿ ಬಸ್‌ಗಳ ನಿಲುಗಡೆ ಮತ್ತು ಕಟ್ಟಡದ ಮುಂಭಾಗ ದೊಡ್ಡ ಶಿಲ್ಪಗಳನ್ನು ನಿರ್ಮಿಸಲು ಸೂಚಿಸಿದರು. ಗ್ರಾಮಸ್ಥರ ಬೇಡಿಕೆಯಂತೆ ಬಸ್ ಟರ್ಮಿನಲ್ ಸ್ಥಾಪಿಸಲು ಕ್ರಮ ಕೈಗೊಳ್ಳಲಾಗುವುದು. ಇಲ್ಲಿ ಬಸ್ ನಿಲ್ದಾಣ ನಿರ್ಮಿಸಬೇಕು ಎಂಬುದು ಗ್ರಾಮಸ್ಥರ ಬಹುದಿನಗಳ ಬೇಡಿಕೆಯಾಗಿದೆ ಎಂದರು.
ತಾಲ್ಲೂಕಿನಲ್ಲಿ ಬಸ್ ಡಿಪೋ ಆಗುವ ವ್ಯವಸ್ಥೆ ಮಾಡಲಾಗುವುದು. ಇದರ ಜೊತೆಗೆ ಸಾರಿಗೆ ಸೌಲಭ್ಯಗಳನ್ನು ವಿಸ್ತರಿಸಲಾಗುವುದು. ಗ್ರಾಮೀಣ ಪ್ರದೇಶದ ಜನರಿಗೆ ಸಕಲ ಸೌಲಭ್ಯ ದೊರೆಯುವಂತೆ ಕೆಲಸ ಪ್ರಾರಂಭವಾಗಿದೆ ಎಂದರು. ಚಿಕ್ಕನಾಯಕನಹಳ್ಳಿ ತಾಲ್ಲೂಕಿನ ಹಲವು ಗ್ರಾಮಗಳಲ್ಲಿ ಸಮುದಾಯ ಭವನಗಳ ನಿರ್ಮಾಣಕ್ಕೆ ಯೋಜನೆ ರೂಪಿಸಲಾಗಿದೆ ಎಂದರು. ಈ ಸಂದರ್ಭದಲ್ಲಿ ಗ್ರಾಮ ಪಂಚಾಯತಿ ಅಧ್ಯಕ್ಷೆ ಶಾಂತಮ್ಮ, ಉಪಾಧ್ಯಕ್ಷ ರಮೇಶ್, ಸದಸ್ಯರಾದ ಅರುಣ್‌ಕುಮಾರ್, ರಂಗಸ್ವಾಮಿ, ಮಂಜುನಾಥ್, ಮಹೇಶ್, ಕಲಾವತಿ, ಗಂಗಮ್ಮ, ತಾಲ್ಲೂಕು ಪಂಚಾಯತಿ ಕಾರ್ಯನಿರ್ವಾಹಕ ಅಧಿಕಾರಿ ನಾಗೇಶ್, ಕಾರ್ಯದರ್ಶಿ ಕೆ.ವಿ. ಸಿದ್ದಪ್ಪ, ಗ್ರಾಮ ಪಂಚಾಯತಿ ಸಿಬ್ಬಂದಿ, ಗ್ರಾಮಸ್ಥರು ಉಪಸ್ಥಿತರಿದ್ದರು.
ಆಗ್ನೇಯ ಪದವೀಧರ ಕ್ಷೇತ್ರ ಚುನಾವಣೆಗೆ
ಡಾ. ನಾಗರಾಜ್ ಎನ್‌ಡಿಎ ಅಭ್ಯರ್ಥಿ: ಮಹಿಮಾ ಪಟೇಲ್
ಕೊರಟಗೆರೆ, ನ.17– ಮುಂದಿನ 2026 ರಲ್ಲಿ ನಡೆಯುವ ಪದವೀಧರ ಕ್ಷೇತ್ರದ ಆಗ್ನೇಯ ಪದವೀಧರ ಕ್ಷೇತ್ರಕ್ಕೆ ಬಿಜೆಪಿ ರೀತಿಯಲ್ಲಿ ಕರ್ನಾಟಕದಲ್ಲಿ ಎನ್‌ಡಿಎ ಅಭ್ಯರ್ಥಿಯಾಗಿ ಜೆಡಿಯು ಪಕ್ಷದಿಂದ ಡಾ. ನಾಗರಾಜ್ ಅವರನ್ನು ಘೋಷಿಸಿದ್ದು, ಕ್ಷೇತ್ರದ ಎಲ್ಲ ಪದವೀಧರರು ಬೆಂಬಲಿಸಬೇಕು ಎಂದು ಜೆಡಿಯು ರಾಜ್ಯಾಧ್ಯಕ್ಷ ಮಹಿಮಾ ಪಟೇಲ್ ತಿಳಿಸಿದರು. ಪಟ್ಟಣದ ಪ್ರವಾಸಿ ಮಂದಿರದಲ್ಲಿ ಜೆಡಿಯು ಪಕ್ಷದ ವತಿಯಿಂದ ಏರ್ಪಡಿಸಿದ್ದ ಪತ್ರಿಕಾಗೋಷ್ಠಿಯಲ್ಲಿ ಮಾತನಾಡಿದ ಅವರು, ಜೆಡಿಯು ರಾಷ್ಟ್ರೀಯ ಅಧ್ಯಕ್ಷ ನಿತೀಶ್ ಕುಮಾರ್ ಅವರ ಮಾರ್ಗದರ್ಶನದಲ್ಲಿ ರಾಜ್ಯದ ಪ್ರತಿ ಕ್ಷೇತ್ರದಲ್ಲಿ ಪಕ್ಷ ಸಂಘಟನೆಯ ಬಲವರ್ಧನೆಗಾಗಿ ಪ್ರವಾಸ ಕೈಗೊಳ್ಳಲಾಗುತ್ತಿದೆ ಎಂದರು. ಈ ಬಾರಿ ಆಗ್ನೇಯ ಪದವೀಧರ ಕ್ಷೇತ್ರದ ಚುನಾವಣೆಯಲ್ಲಿ ಜಿಲ್ಲಾ ಮಟ್ಟದಲ್ಲಿ ಪ್ರಚಾರ ಮಾಡಲಿದ್ದೇವೆ. ಈ ಭಾಗದಲ್ಲಿ ಬುದ್ಧಿಜೀವಿಗಳು ಹಾಗೂ ಪ್ರಜ್ಞಾವಂತ ಮತದಾರರು ಹೆಚ್ಚಿದ್ದಾರೆ. ಪದವೀಧರರ ಸಮಸ್ಯೆಗಳಿಗೆ ಉತ್ತಮ ಪರಿಹಾರ ಒದಗಿಸಲು ನಮ್ಮ ಅಭ್ಯರ್ಥಿ ಶ್ರಮಿಸಲಿದ್ದಾರೆ ಎಂದರು. ನಮ್ಮ ತಂದೆ ಜೆ.ಹೆಚ್. ಪಟೇಲ್ ಮತ್ತು ರಾಮಕೃಷ್ಣ ಹೆಗಡೆ ಅವರು 1989 ರಲ್ಲಿ ಮುಖ್ಯಮಂತ್ರಿಯಾಗಿದ್ದ ಸಂದರ್ಭದಲ್ಲಿ ಪದವೀಧರರ ಕ್ಷೇತ್ರದಲ್ಲಿ ಅನೇಕ ಜನಪರ ಯೋಜನೆಗಳನ್ನು ಜಾರಿಗೆ ತಂದಿದ್ದರು.
ಹೆಗ್ಡೆ ಮತ್ತು ಜಾರ್ಜ್ ಫರ್ನಾಂಡೀಸ್ ರವರ ಮಾರ್ಗದರ್ಶನದಲ್ಲಿ ಎಂದರು. ಪಕ್ಷಗಳು ಪರಸ್ಪರ ಸಹಕಾರ ನೀಡಿ ರಾಜಕೀಯ ಪರಂಪರೆಯನ್ನು ನಿರ್ಮಿಸಿದರು ಎಂದರು. ಬಿಹಾರದಲ್ಲಿ ನಿತೀಶ್ ಕುಮಾರ್ ನೇತೃತ್ವದಲ್ಲಿ ಎನ್‌ಡಿಎ ಮೈತ್ರಿಕೂಟ ಭಾರೀ ಬಹುಮತ ಪಡೆದಿದೆ. ಜನರು ಅಭಿವೃದ್ಧಿಗೆ ಮತ ನೀಡಿದ್ದಾರೆ. ಕರ್ನಾಟಕದಲ್ಲೂ ಪಕ್ಷವನ್ನು ಬಲಪಡಿಸಲು ನಾವು ಎಲ್ಲಾ ಜಿಲ್ಲೆಗಳಲ್ಲಿ ಸಭೆಗಳನ್ನು ನಡೆಸುತ್ತಿದ್ದೇವೆ ಎಂದರು. ಡಾ. ನಾಗರಾಜ್ ಮಾತನಾಡಿ, ಪದವೀಧರರ ಸಮಸ್ಯೆಗಳು, ಉದ್ಯೋಗಾವಕಾಶ, ಶಿಕ್ಷಣ ಕ್ಷೇತ್ರದ ಸುಧಾರಣೆಗಾಗಿ ಶ್ರಮಿಸುತ್ತೇನೆ. ನಿರುದ್ಯೋಗಿ ಪದವೀಧರರಿಗೆ ಉದ್ಯೋಗ ಸೃಷ್ಟಿ ಮಾಡುವುದು ನನ್ನ ಆದ್ಯತೆ. ಅತಿಥಿ ಉಪನ್ಯಾಸಕರು, ಅನುದಾನ ರಹಿತ ಶಾಲಾ ಶಿಕ್ಷಕರ ಸಮಸ್ಯೆಗಳಿಗೆ ಧ್ವನಿಯಾಗುತ್ತೇನೆ ಎಂದರು. ಮೈತ್ರಿಯ ಮೂಲಕ ಚುನಾವಣೆ ಎದುರಿಸಿ ಗೆಲುವು ಸಾಧಿಸುವ ವಿಶ್ವಾಸವಿದೆ ಎಂದರು. ಆಗ್ನೇಯ ಪದವೀಧರ ಕ್ಷೇತ್ರದ ಜೆಡಿಯು ಅಧ್ಯಕ್ಷ ಡಾ. ನಾಗರಾಜು ಮಾತನಾಡಿ, ನಾನು ಮೂರು ದಶಕಗಳಿಂದ ಶಿಕ್ಷಣ ಕ್ಷೇತ್ರದಲ್ಲಿ ಸೇವೆ ಸಲ್ಲಿಸುತ್ತಿದ್ದೇನೆ.
ಮಾಲೂರಿನಲ್ಲಿ ವೈದ್ಯನಾಗಿ ಸೇವೆಯಿಂದಿಗೆ ಜನರ ನೋವು, ನಿರುದ್ಯೋಗ, ಪದವೀಧರರ ಸಮಸ್ಯೆಗಳ ಅರಿವು ನನಗಿದೆ. ಇದೆ ಜನಸೇವೆ ನನ್ನ ಬದುಕಿನ ಧ್ಯೇಯವಾಗಿದೆ. ಇದೇ ಮನೋಭಾವದಿಂದ ಚುನಾವಣೆಯಲ್ಲಿ ಸ್ಪರ್ಧಿಸುತ್ತೇನೆ. ಮತದಾರರನ್ನು ಸಂಪರ್ಕಿಸಿ ಅವರ ಗೌರವ ಪಡೆದು ಮತ ಕೇಳುವುದು ನನ್ನ ಗುರಿಯಾಗಿದೆ. ಆತ್ಮವಿಶ್ವಾಸದಿಂದ ಕಣಕ್ಕೆ ಇಳಿಯುತ್ತಿದ್ದೇನೆ. ನನ್ನ ಹೋರಾಟ ಪದವೀಧರರ ಹಕ್ಕುಗಳಿಗಾಗಿ ಎಂದರು. ಪತ್ರಿಕಾಗೋಷ್ಠಿಯಲ್ಲಿ ರಾಜ್ಯ ಜೆಡಿಯು ಪ್ರಧಾನ ಕಾರ್ಯದರ್ಶಿ ಪ್ರಕಾಶ್‌ಬಾಬು, ರಾಜ್ಯ ಮಹಿಳಾ ಘಟಕದ ಪ್ರಧಾನ ಕಾರ್ಯದರ್ಶಿ ಹಿಜಾ, ಮಹಿಳಾ ಉಪಾಧ್ಯಕ್ಷೆ ಶಾಂತಕುಮಾರಿ, ಪದಾಧಿಕಾರಿಗಳಾದ ಡಾ. ಜಿ. ಪ್ರಭು, ಶಾಂತಕುಮಾರ್, ಲಕ್ಷ್ಮೀ ಪತಿ, ಬಸವರಾಜು, ನೇತ್ರಾವತಿ, ನಂಜುಂಡಪ್ಪ, ರಾಮಯ್ಯ, ಸುಮನ್ ಮತ್ತಿತರರು ಉಪಸ್ಥಿತರಿದ್ದರು.
